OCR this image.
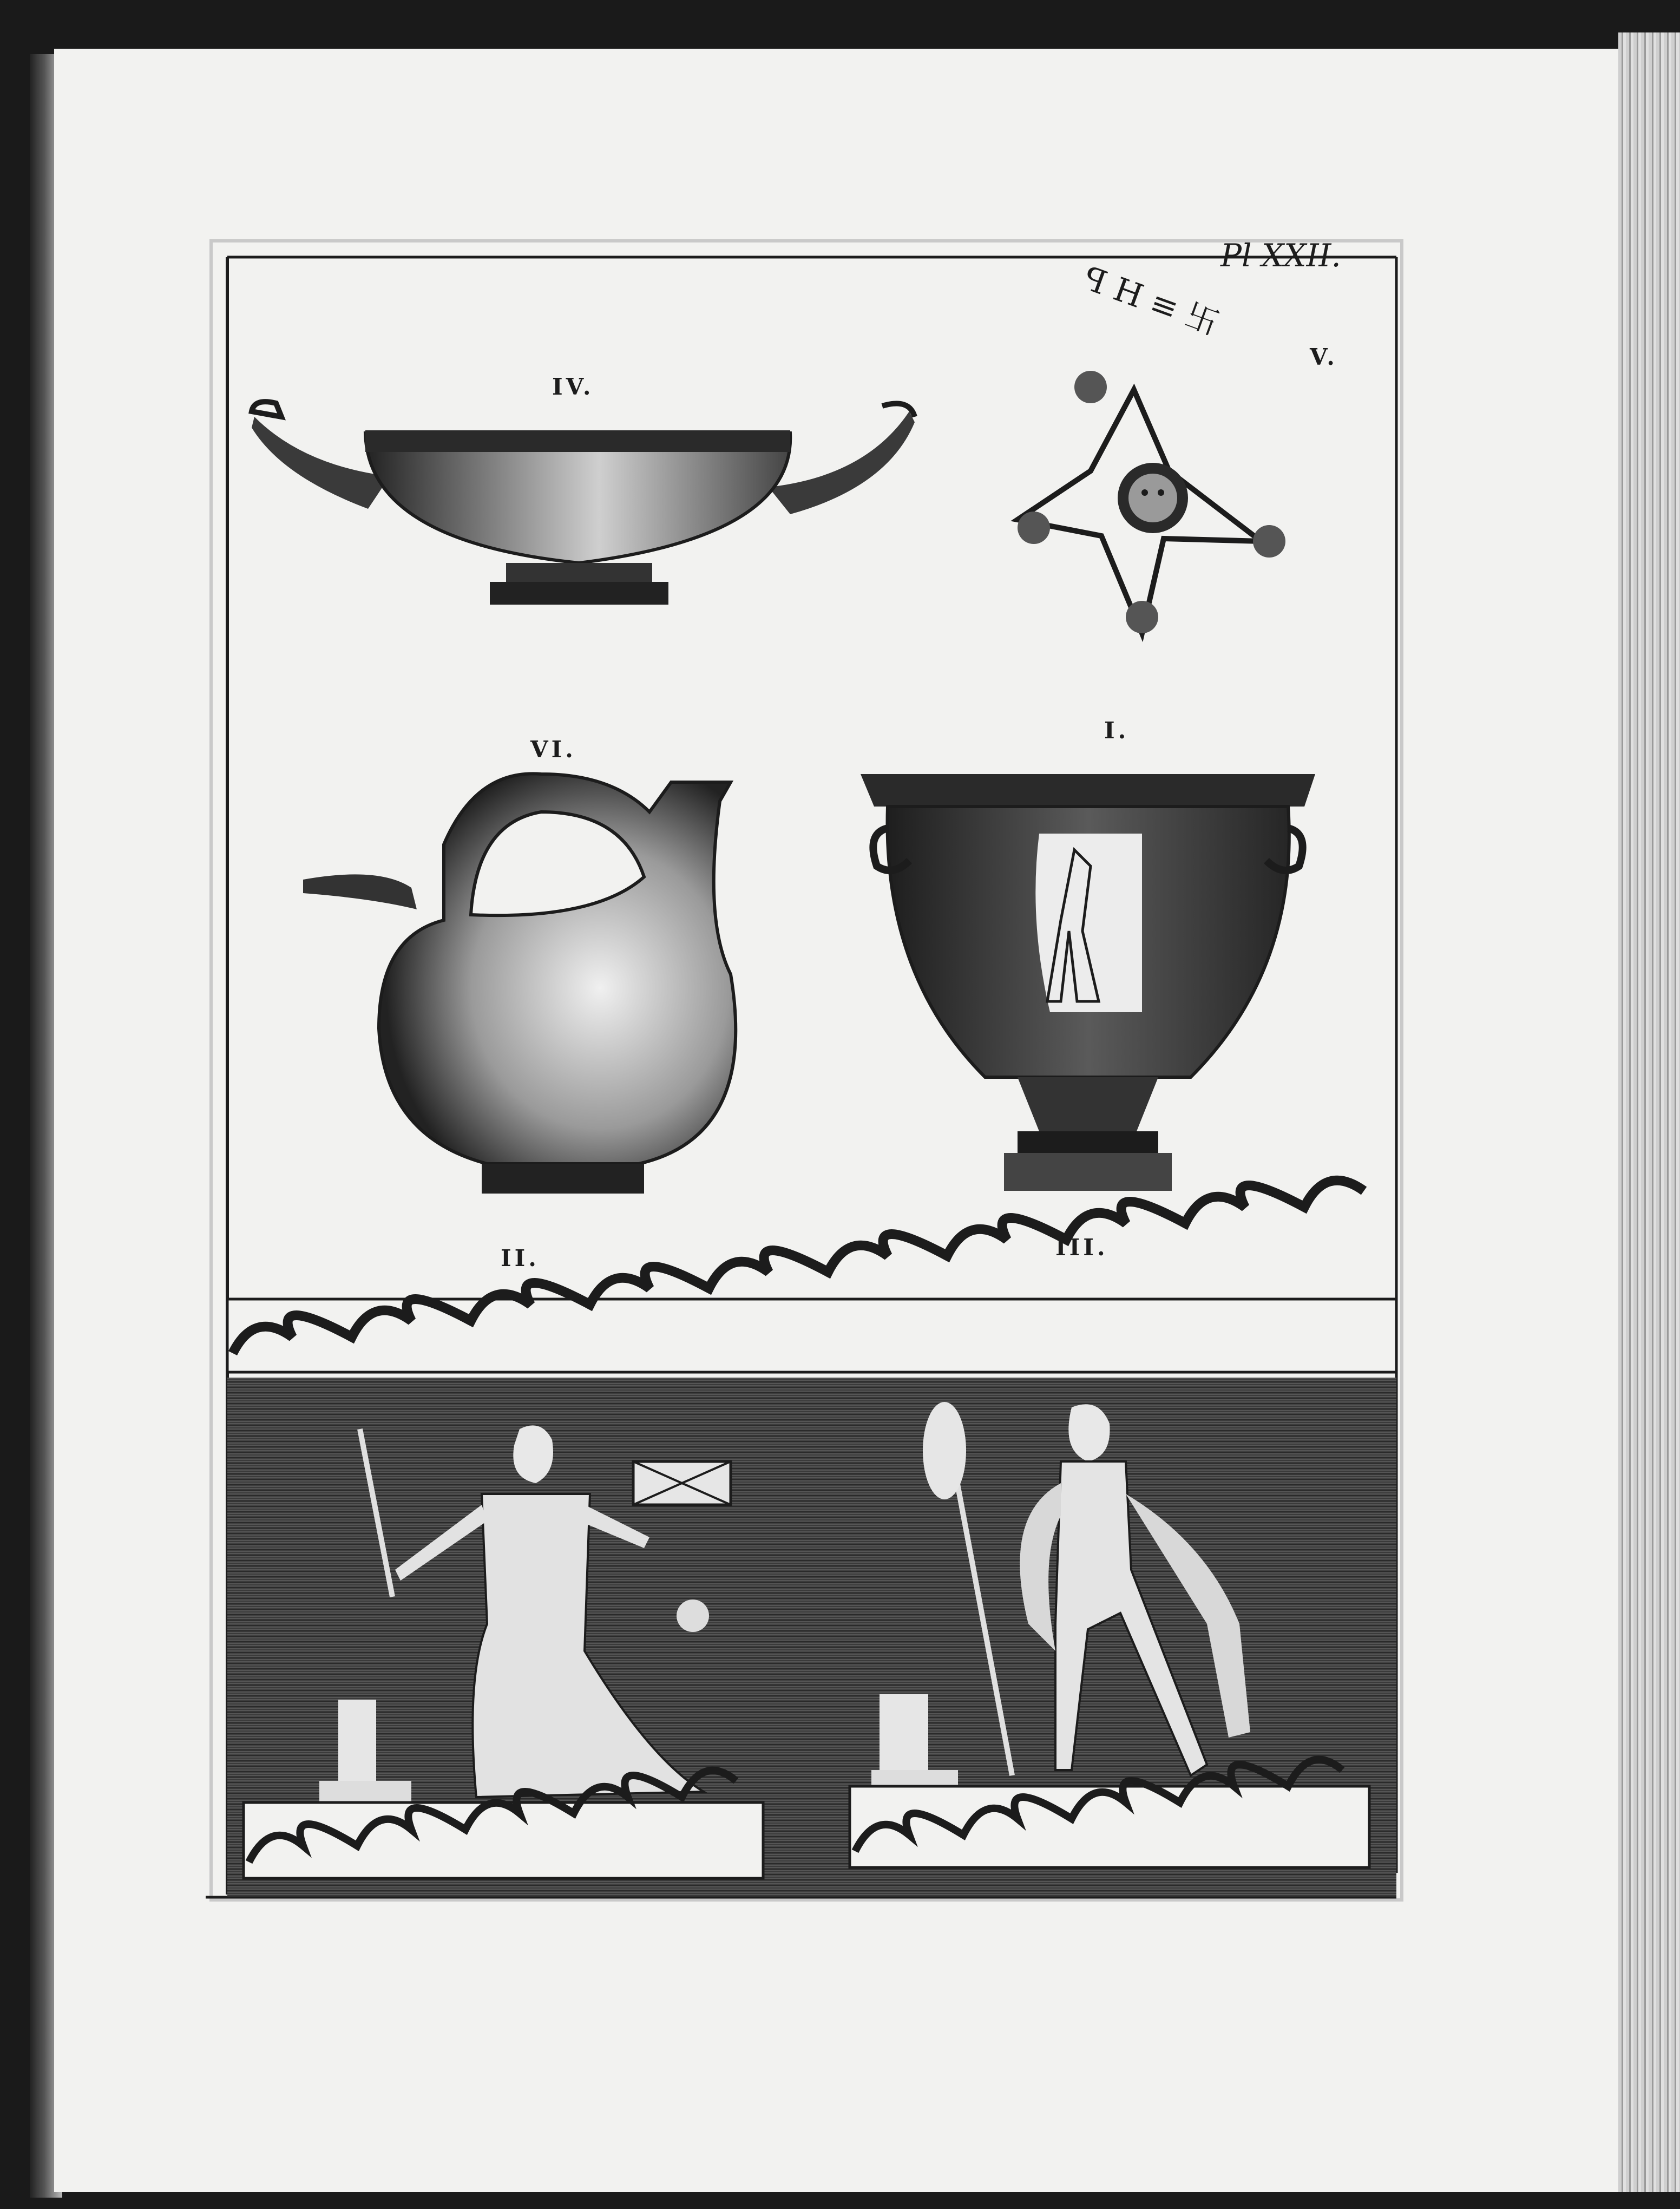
ꟼ H ≡ 卐
Pl XXII.
IV.
V.
VI.
I.
II.	III.
